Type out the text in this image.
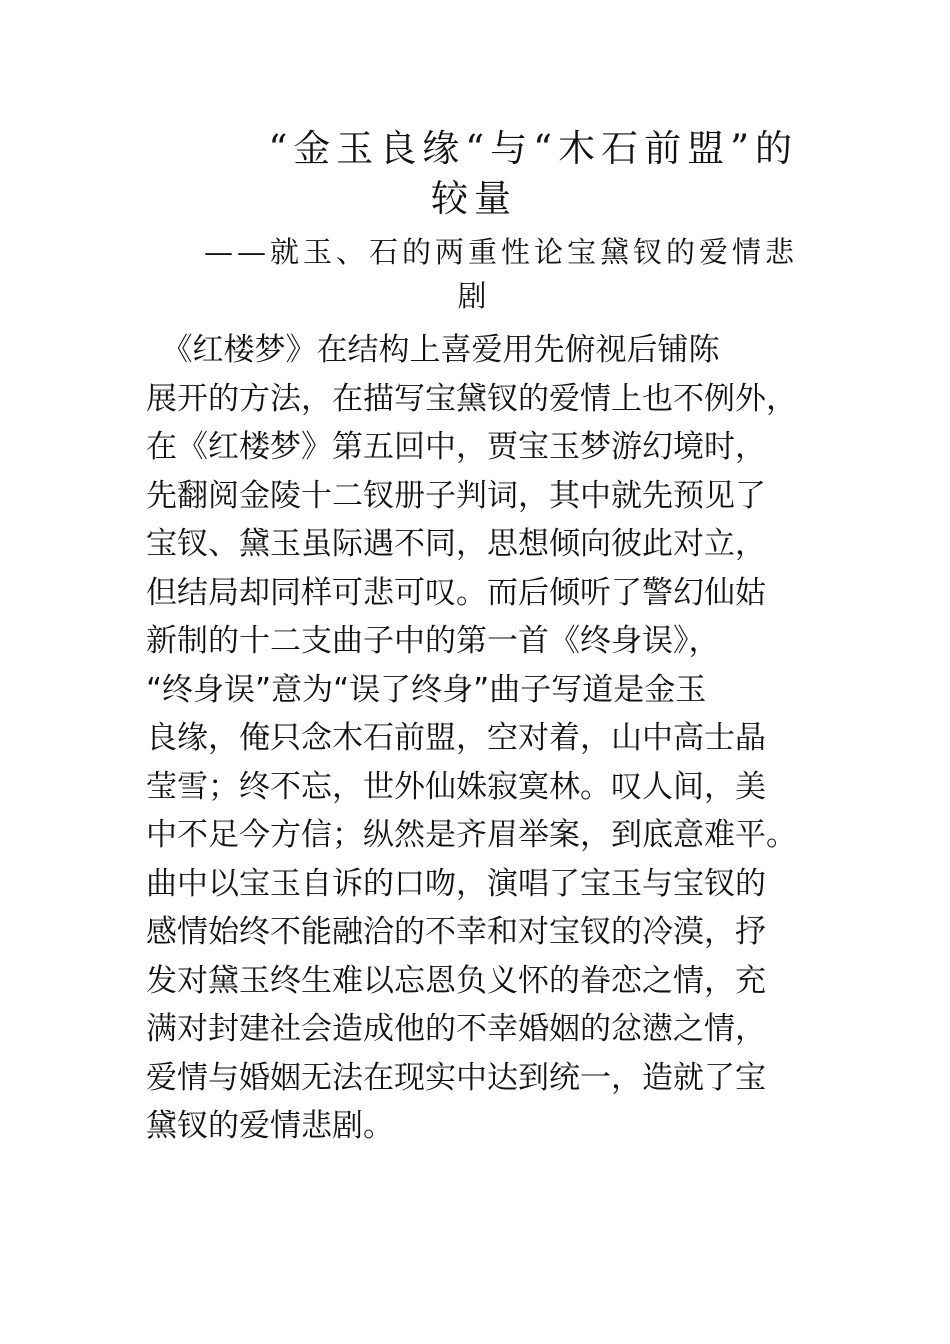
“金玉良缘“与“木石前盟”的
较量
——就玉、石的两重性论宝黛钗的爱情悲
剧
　《红楼梦》在结构上喜爱用先俯视后铺陈
展开的方法，在描写宝黛钗的爱情上也不例外，
在《红楼梦》第五回中，贾宝玉梦游幻境时，
先翻阅金陵十二钗册子判词，其中就先预见了
宝钗、黛玉虽际遇不同，思想倾向彼此对立，
但结局却同样可悲可叹。而后倾听了警幻仙姑
新制的十二支曲子中的第一首《终身误》，
“终身误”意为“误了终身”曲子写道是金玉
良缘，俺只念木石前盟，空对着，山中高士晶
莹雪；终不忘，世外仙姝寂寞林。叹人间，美
中不足今方信；纵然是齐眉举案，到底意难平。
曲中以宝玉自诉的口吻，演唱了宝玉与宝钗的
感情始终不能融洽的不幸和对宝钗的冷漠，抒
发对黛玉终生难以忘恩负义怀的眷恋之情，充
满对封建社会造成他的不幸婚姻的忿懑之情，
爱情与婚姻无法在现实中达到统一，造就了宝
黛钗的爱情悲剧。
